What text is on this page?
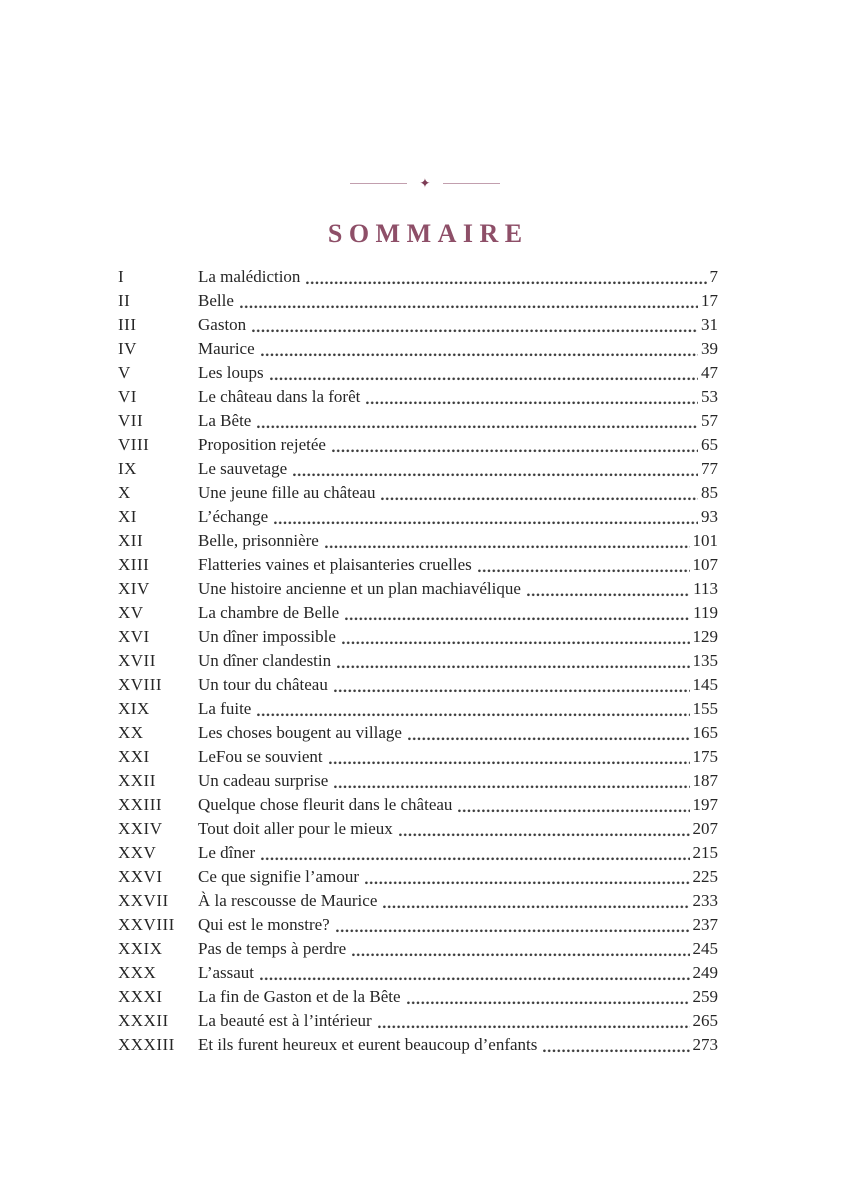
✦
SOMMAIRE
I	La malédiction	7
II	Belle	17
III	Gaston	31
IV	Maurice	39
V	Les loups	47
VI	Le château dans la forêt	53
VII	La Bête	57
VIII	Proposition rejetée	65
IX	Le sauvetage	77
X	Une jeune fille au château	85
XI	L’échange	93
XII	Belle, prisonnière	101
XIII	Flatteries vaines et plaisanteries cruelles	107
XIV	Une histoire ancienne et un plan machiavélique	113
XV	La chambre de Belle	119
XVI	Un dîner impossible	129
XVII	Un dîner clandestin	135
XVIII	Un tour du château	145
XIX	La fuite	155
XX	Les choses bougent au village	165
XXI	LeFou se souvient	175
XXII	Un cadeau surprise	187
XXIII	Quelque chose fleurit dans le château	197
XXIV	Tout doit aller pour le mieux	207
XXV	Le dîner	215
XXVI	Ce que signifie l’amour	225
XXVII	À la rescousse de Maurice	233
XXVIII	Qui est le monstre?	237
XXIX	Pas de temps à perdre	245
XXX	L’assaut	249
XXXI	La fin de Gaston et de la Bête	259
XXXII	La beauté est à l’intérieur	265
XXXIII	Et ils furent heureux et eurent beaucoup d’enfants	273
